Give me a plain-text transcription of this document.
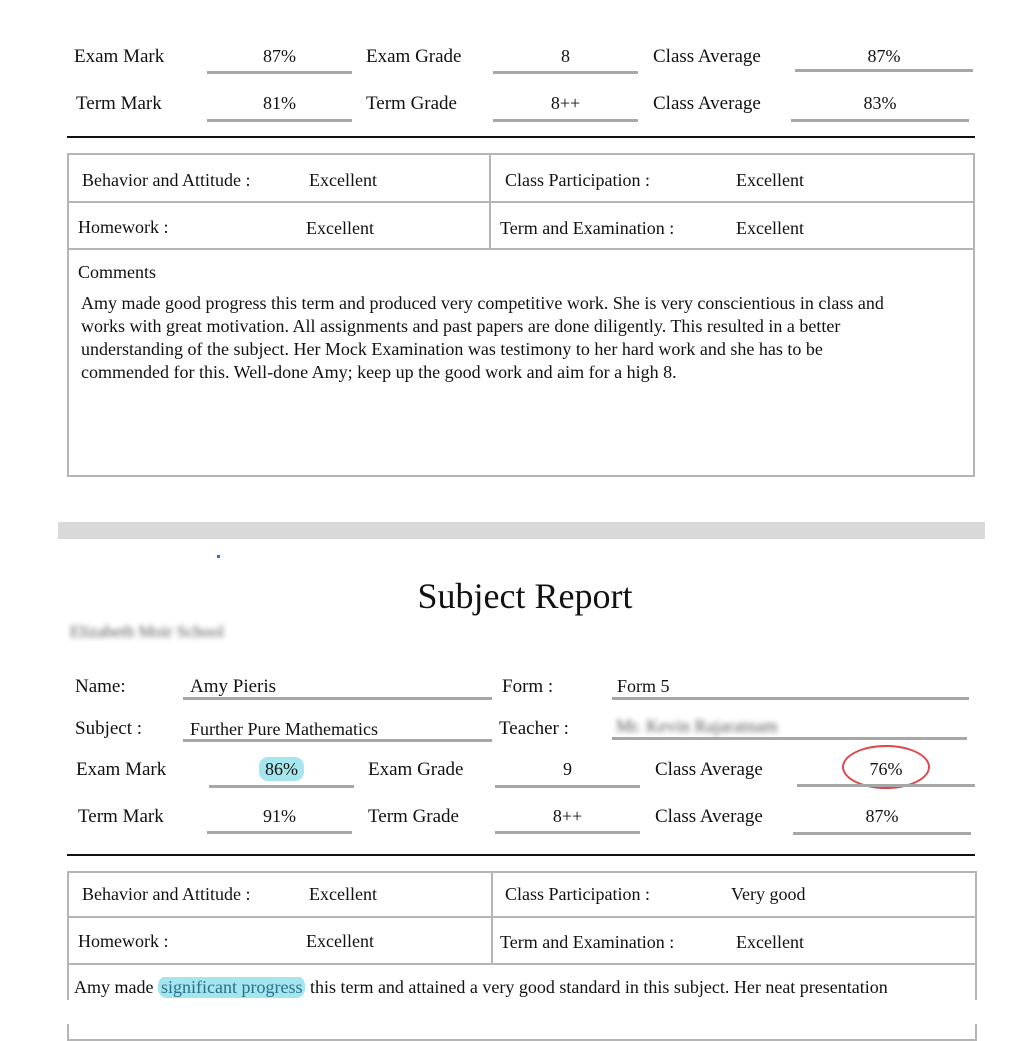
Exam Mark	87%	Exam Grade	8	Class Average	87%
Term Mark	81%	Term Grade	8++	Class Average	83%
Behavior and Attitude :	Excellent	Class Participation :	Excellent
Homework :	Excellent	Term and Examination :	Excellent
Comments

Amy made good progress this term and produced very competitive work. She is very conscientious in class and

works with great motivation. All assignments and past papers are done diligently. This resulted in a better

understanding of the subject. Her Mock Examination was testimony to her hard work and she has to be

commended for this. Well-done Amy; keep up the good work and aim for a high 8.

Subject Report
Elizabeth Moir School
Name:	Amy Pieris	Form :	Form 5
Subject :	Further Pure Mathematics	Teacher :	Mr. Kevin Rajaratnam
Exam Mark	86%	Exam Grade	9	Class Average	76%
Term Mark	91%	Term Grade	8++	Class Average	87%
Behavior and Attitude :	Excellent	Class Participation :	Very good
Homework :	Excellent	Term and Examination :	Excellent
Amy made significant progress this term and attained a very good standard in this subject. Her neat presentation
